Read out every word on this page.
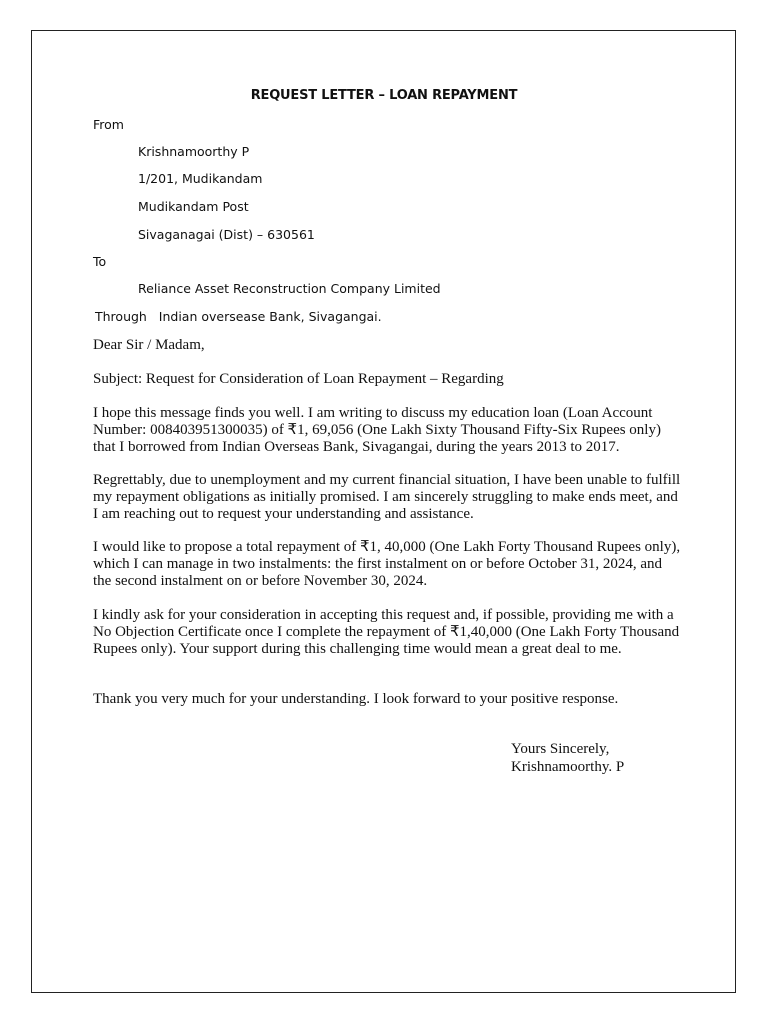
REQUEST LETTER – LOAN REPAYMENT
From
Krishnamoorthy P
1/201, Mudikandam
Mudikandam Post
Sivaganagai (Dist) – 630561
To
Reliance Asset Reconstruction Company Limited
Through   Indian oversease Bank, Sivagangai.

Dear Sir / Madam,

Subject: Request for Consideration of Loan Repayment – Regarding

I hope this message finds you well. I am writing to discuss my education loan (Loan Account Number: 008403951300035) of ₹1, 69,056 (One Lakh Sixty Thousand Fifty-Six Rupees only) that I borrowed from Indian Overseas Bank, Sivagangai, during the years 2013 to 2017.

Regrettably, due to unemployment and my current financial situation, I have been unable to fulfill my repayment obligations as initially promised. I am sincerely struggling to make ends meet, and I am reaching out to request your understanding and assistance.

I would like to propose a total repayment of ₹1, 40,000 (One Lakh Forty Thousand Rupees only), which I can manage in two instalments: the first instalment on or before October 31, 2024, and the second instalment on or before November 30, 2024.

I kindly ask for your consideration in accepting this request and, if possible, providing me with a No Objection Certificate once I complete the repayment of ₹1,40,000 (One Lakh Forty Thousand Rupees only). Your support during this challenging time would mean a great deal to me.

Thank you very much for your understanding. I look forward to your positive response.

Yours Sincerely,
Krishnamoorthy. P
